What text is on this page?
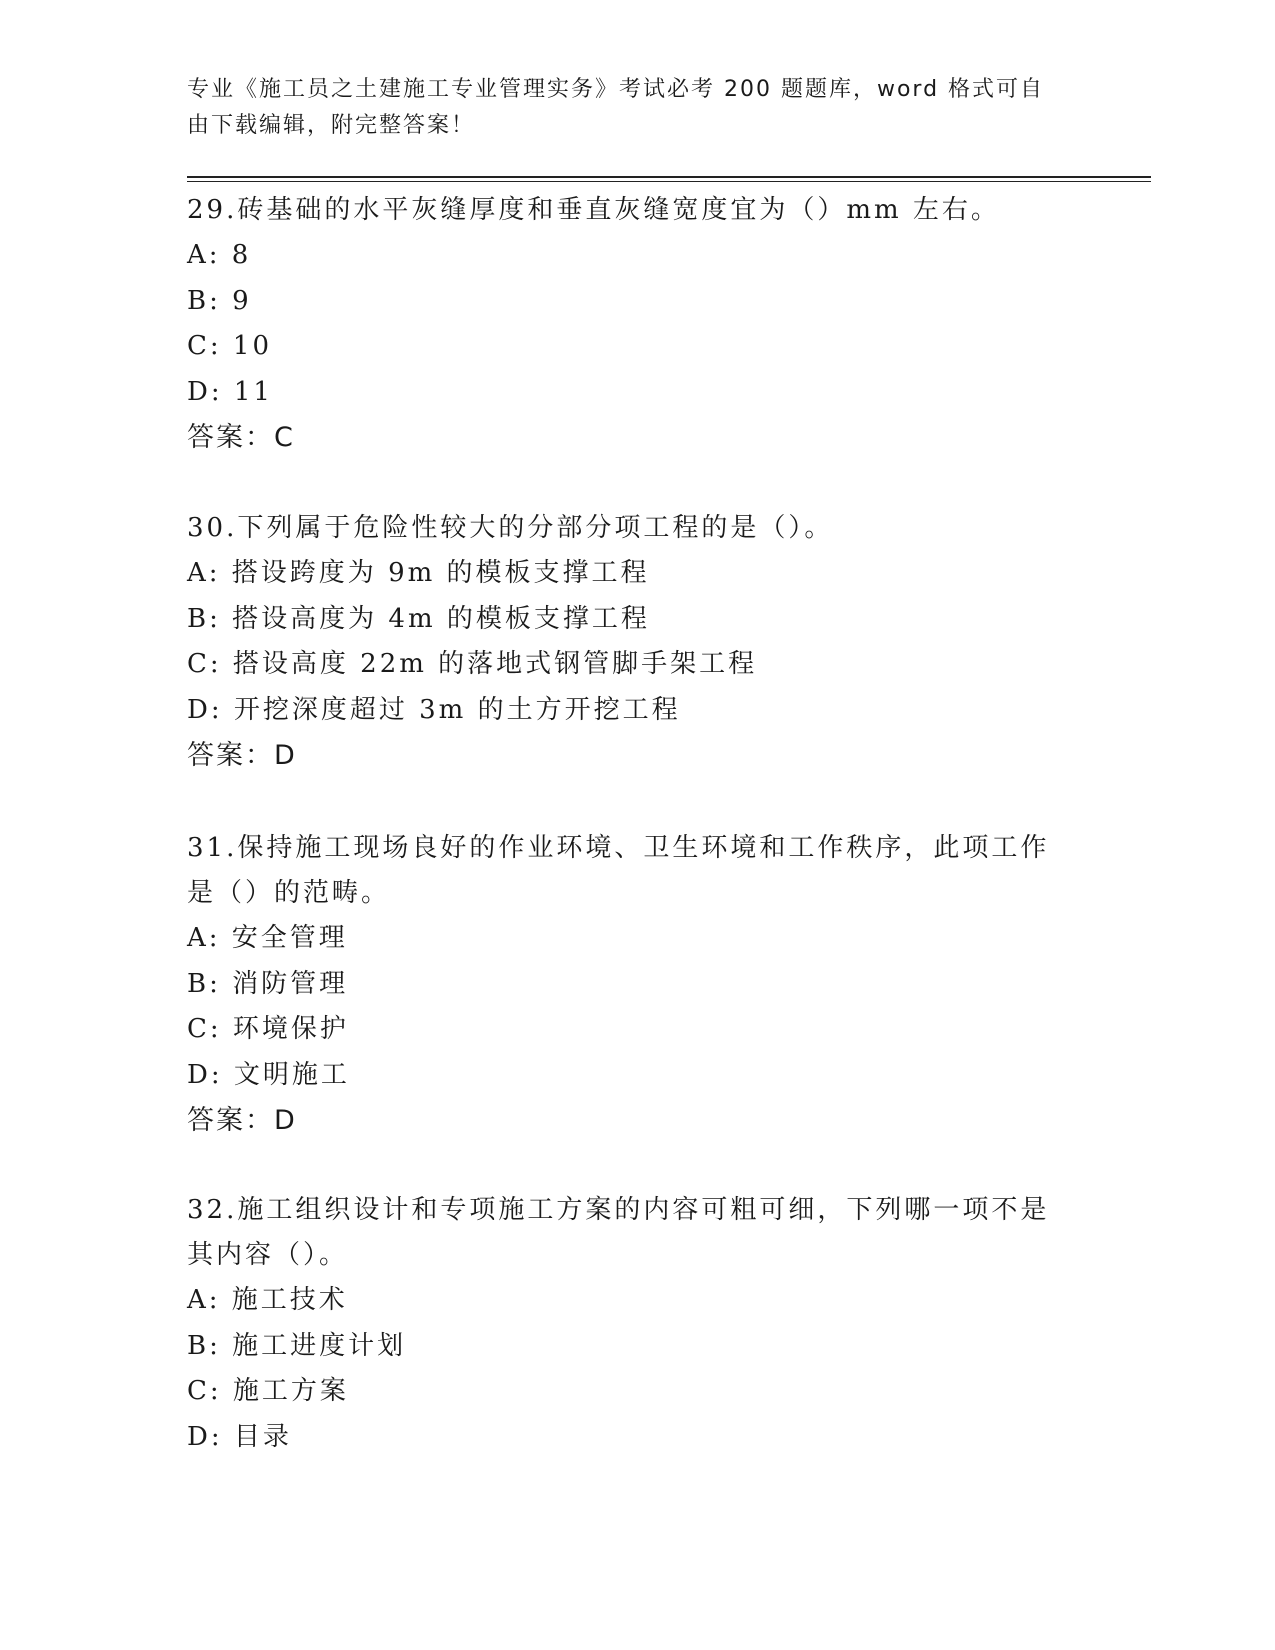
专业《施工员之土建施工专业管理实务》考试必考 200 题题库，word 格式可自由下载编辑，附完整答案！

29.砖基础的水平灰缝厚度和垂直灰缝宽度宜为（）mm 左右。

A: 8

B: 9

C: 10

D: 11

答案：C

30.下列属于危险性较大的分部分项工程的是（）。

A: 搭设跨度为 9m 的模板支撑工程

B: 搭设高度为 4m 的模板支撑工程

C: 搭设高度 22m 的落地式钢管脚手架工程

D: 开挖深度超过 3m 的土方开挖工程

答案：D

31.保持施工现场良好的作业环境、卫生环境和工作秩序，此项工作是（）的范畴。

A: 安全管理

B: 消防管理

C: 环境保护

D: 文明施工

答案：D

32.施工组织设计和专项施工方案的内容可粗可细，下列哪一项不是其内容（）。

A: 施工技术

B: 施工进度计划

C: 施工方案

D: 目录
